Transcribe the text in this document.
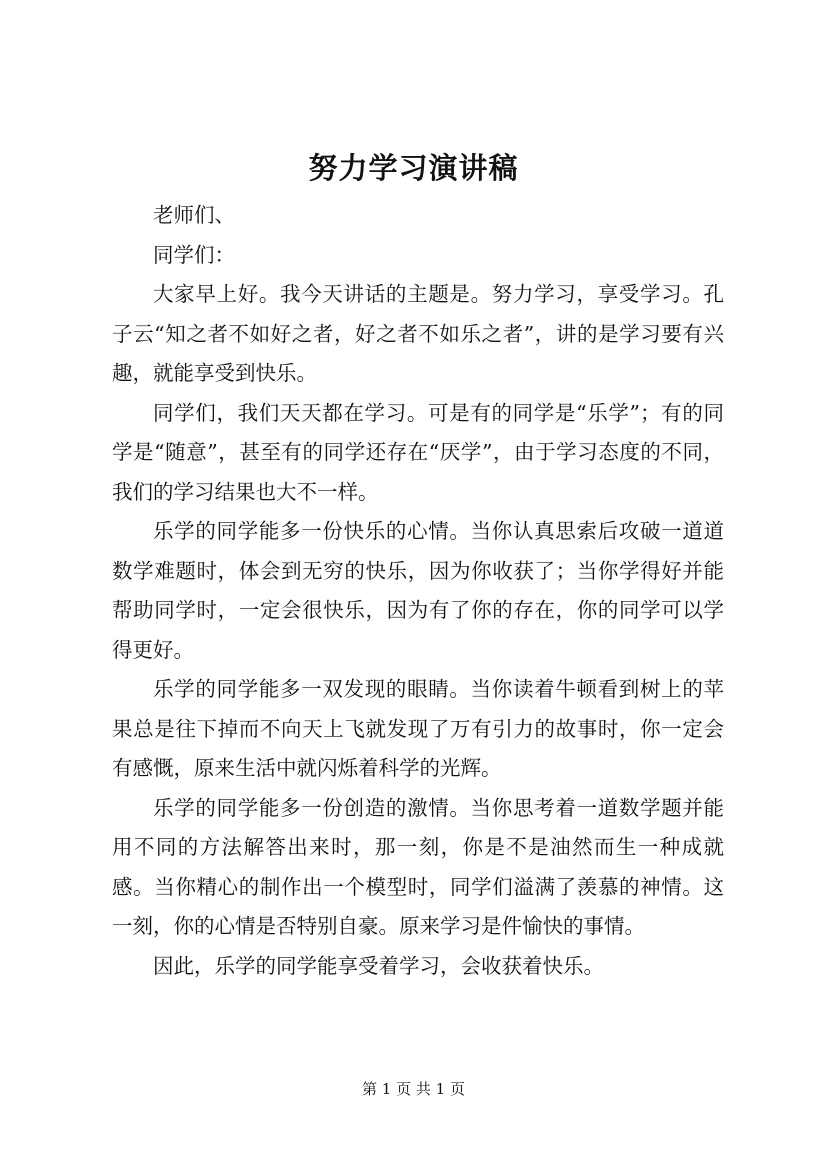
努力学习演讲稿

老师们、

同学们：

大家早上好。我今天讲话的主题是。努力学习，享受学习。孔子云“知之者不如好之者，好之者不如乐之者”，讲的是学习要有兴趣，就能享受到快乐。

同学们，我们天天都在学习。可是有的同学是“乐学”；有的同学是“随意”，甚至有的同学还存在“厌学”，由于学习态度的不同，我们的学习结果也大不一样。

乐学的同学能多一份快乐的心情。当你认真思索后攻破一道道数学难题时，体会到无穷的快乐，因为你收获了；当你学得好并能帮助同学时，一定会很快乐，因为有了你的存在，你的同学可以学得更好。

乐学的同学能多一双发现的眼睛。当你读着牛顿看到树上的苹果总是往下掉而不向天上飞就发现了万有引力的故事时，你一定会有感慨，原来生活中就闪烁着科学的光辉。

乐学的同学能多一份创造的激情。当你思考着一道数学题并能用不同的方法解答出来时，那一刻，你是不是油然而生一种成就感。当你精心的制作出一个模型时，同学们溢满了羡慕的神情。这一刻，你的心情是否特别自豪。原来学习是件愉快的事情。

因此，乐学的同学能享受着学习，会收获着快乐。

第 1 页 共 1 页
